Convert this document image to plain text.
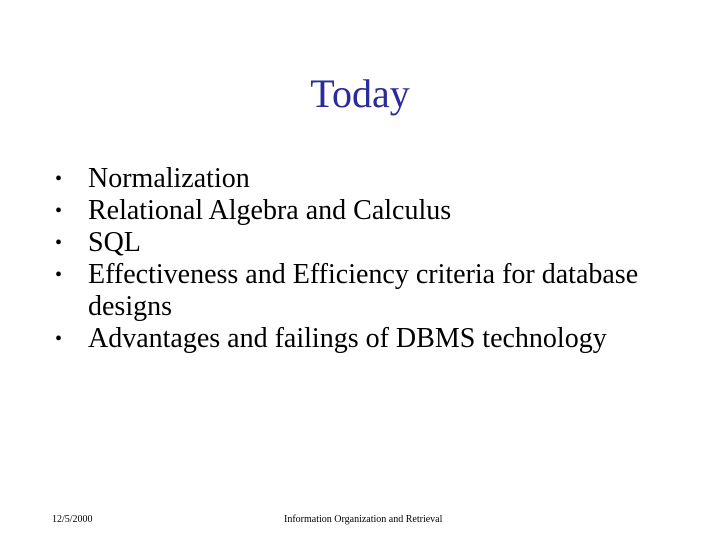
Today
• Normalization
• Relational Algebra and Calculus
• SQL
• Effectiveness and Efficiency criteria for database designs
• Advantages and failings of DBMS technology
12/5/2000	Information Organization and Retrieval
